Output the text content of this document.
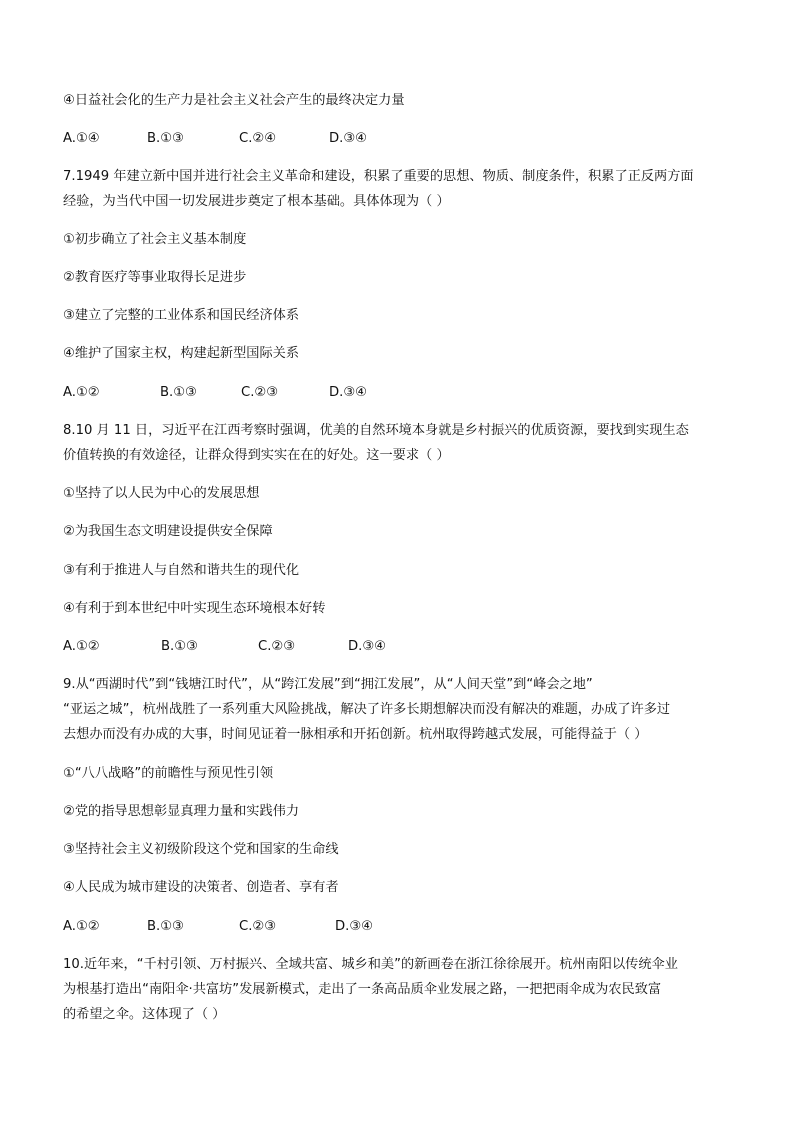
④日益社会化的生产力是社会主义社会产生的最终决定力量
A.①④	B.①③	C.②④	D.③④
7.1949 年建立新中国并进行社会主义革命和建设，积累了重要的思想、物质、制度条件，积累了正反两方面
经验，为当代中国一切发展进步奠定了根本基础。具体体现为（ ）
①初步确立了社会主义基本制度
②教育医疗等事业取得长足进步
③建立了完整的工业体系和国民经济体系
④维护了国家主权，构建起新型国际关系
A.①②	B.①③	C.②③	D.③④
8.10 月 11 日，习近平在江西考察时强调，优美的自然环境本身就是乡村振兴的优质资源，要找到实现生态
价值转换的有效途径，让群众得到实实在在的好处。这一要求（ ）
①坚持了以人民为中心的发展思想
②为我国生态文明建设提供安全保障
③有利于推进人与自然和谐共生的现代化
④有利于到本世纪中叶实现生态环境根本好转
A.①②	B.①③	C.②③	D.③④
9.从“西湖时代”到“钱塘江时代”，从“跨江发展”到“拥江发展”，从“人间天堂”到“峰会之地”
“亚运之城”，杭州战胜了一系列重大风险挑战，解决了许多长期想解决而没有解决的难题，办成了许多过
去想办而没有办成的大事，时间见证着一脉相承和开拓创新。杭州取得跨越式发展，可能得益于（ ）
①“八八战略”的前瞻性与预见性引领
②党的指导思想彰显真理力量和实践伟力
③坚持社会主义初级阶段这个党和国家的生命线
④人民成为城市建设的决策者、创造者、享有者
A.①②	B.①③	C.②③	D.③④
10.近年来，“千村引领、万村振兴、全域共富、城乡和美”的新画卷在浙江徐徐展开。杭州南阳以传统伞业
为根基打造出“南阳伞·共富坊”发展新模式，走出了一条高品质伞业发展之路，一把把雨伞成为农民致富
的希望之伞。这体现了（ ）
